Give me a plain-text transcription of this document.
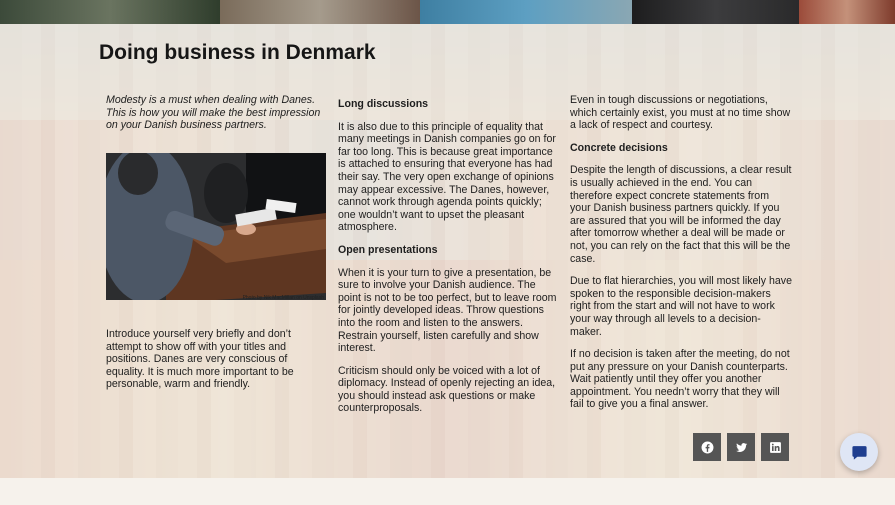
Doing business in Denmark

Modesty is a must when dealing with Danes. This is how you will make the best impression on your Danish business partners.

Photo by Nik MacMillan on Unsplash

Introduce yourself very briefly and don’t attempt to show off with your titles and positions. Danes are very conscious of equality. It is much more important to be personable, warm and friendly.

Long discussions

It is also due to this principle of equality that many meetings in Danish companies go on for far too long. This is because great importance is attached to ensuring that everyone has had their say. The very open exchange of opinions may appear excessive. The Danes, however, cannot work through agenda points quickly; one wouldn’t want to upset the pleasant atmosphere.

Open presentations

When it is your turn to give a presentation, be sure to involve your Danish audience. The point is not to be too perfect, but to leave room for jointly developed ideas. Throw questions into the room and listen to the answers. Restrain yourself, listen carefully and show interest.

Criticism should only be voiced with a lot of diplomacy. Instead of openly rejecting an idea, you should instead ask questions or make counterproposals.

Even in tough discussions or negotiations, which certainly exist, you must at no time show a lack of respect and courtesy.

Concrete decisions

Despite the length of discussions, a clear result is usually achieved in the end. You can therefore expect concrete statements from your Danish business partners quickly. If you are assured that you will be informed the day after tomorrow whether a deal will be made or not, you can rely on the fact that this will be the case.

Due to flat hierarchies, you will most likely have spoken to the responsible decision-makers right from the start and will not have to work your way through all levels to a decision-maker.

If no decision is taken after the meeting, do not put any pressure on your Danish counterparts. Wait patiently until they offer you another appointment. You needn’t worry that they will fail to give you a final answer.
